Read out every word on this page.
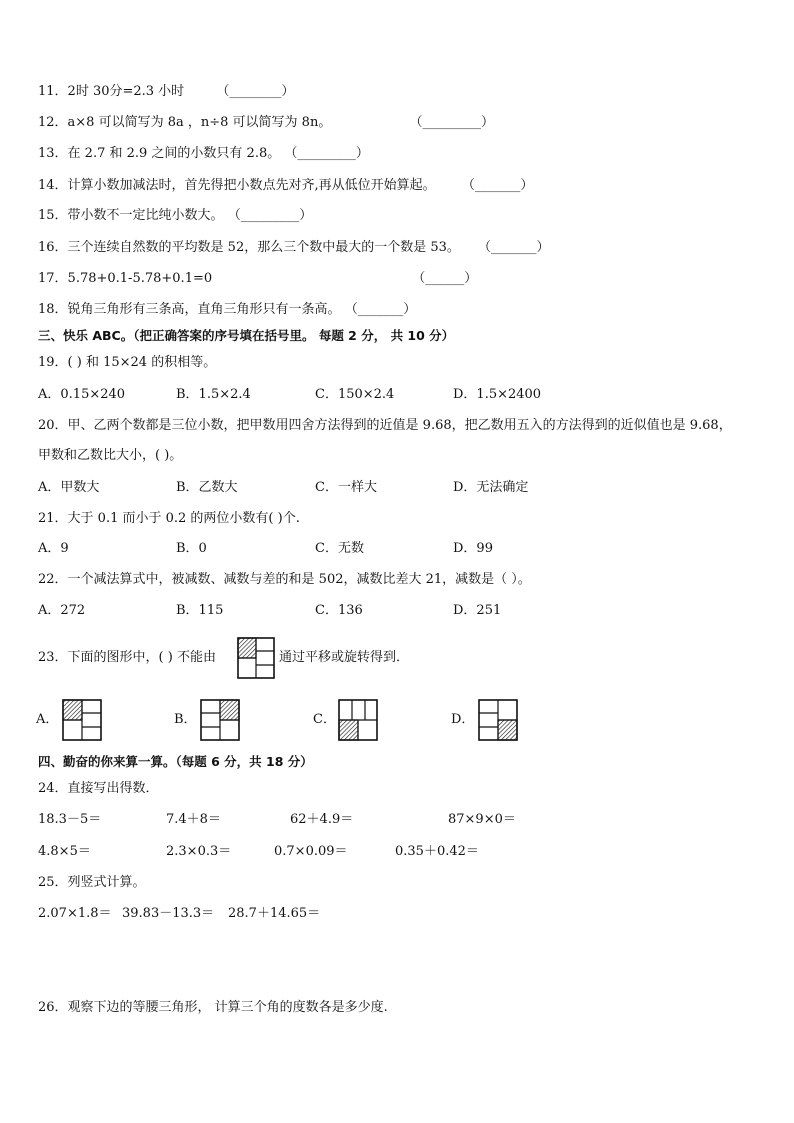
11．2时 30分=2.3 小时 （________）
12．a×8 可以简写为 8a ，n÷8 可以简写为 8n。	（_________）
13．在 2.7 和 2.9 之间的小数只有 2.8。 （_________）
14．计算小数加减法时，首先得把小数点先对齐,再从低位开始算起。 （_______）
15．带小数不一定比纯小数大。 （_________）
16．三个连续自然数的平均数是 52，那么三个数中最大的一个数是 53。 （_______）
17．5.78+0.1-5.78+0.1=0	（______）
18．锐角三角形有三条高，直角三角形只有一条高。 （_______）
三、快乐 ABC。（把正确答案的序号填在括号里。 每题 2 分， 共 10 分）
19．( ) 和 15×24 的积相等。
A．0.15×240	B．1.5×2.4	C．150×2.4	D．1.5×2400
20．甲、乙两个数都是三位小数，把甲数用四舍方法得到的近值是 9.68，把乙数用五入的方法得到的近似值也是 9.68，
甲数和乙数比大小，( )。
A．甲数大	B．乙数大	C．一样大	D．无法确定
21．大于 0.1 而小于 0.2 的两位小数有( )个.
A．9	B．0	C．无数	D．99
22．一个减法算式中，被减数、减数与差的和是 502，减数比差大 21，减数是（ ）。
A．272	B．115	C．136	D．251
23．下面的图形中，( ) 不能由	通过平移或旋转得到．
A．	B．	C．	D．
四、勤奋的你来算一算。（每题 6 分，共 18 分）
24．直接写出得数．
18.3－5＝	7.4＋8＝	62＋4.9＝	87×9×0＝
4.8×5＝	2.3×0.3＝	0.7×0.09＝	0.35＋0.42＝
25．列竖式计算。
2.07×1.8＝ 39.83－13.3＝ 28.7＋14.65＝
26．观察下边的等腰三角形， 计算三个角的度数各是多少度.
